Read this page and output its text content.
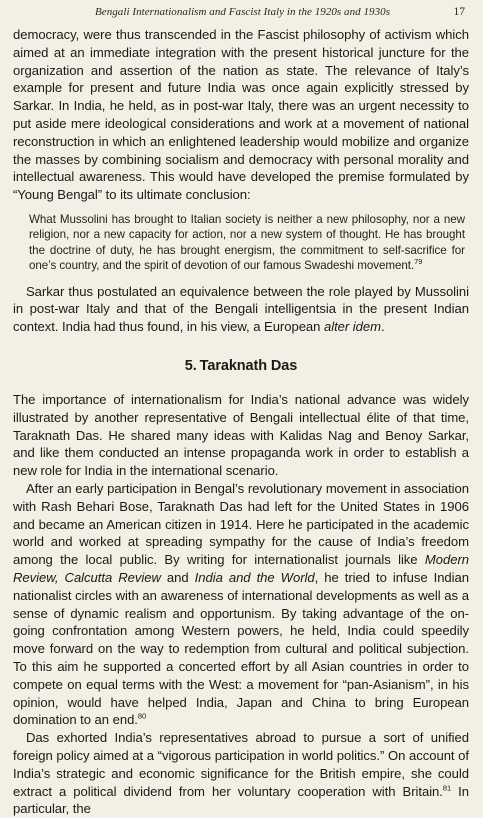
Bengali Internationalism and Fascist Italy in the 1920s and 1930s	17

democracy, were thus transcended in the Fascist philosophy of activism which aimed at an immediate integration with the present historical juncture for the organization and assertion of the nation as state. The relevance of Italy’s example for present and future India was once again explicitly stressed by Sarkar. In India, he held, as in post-war Italy, there was an urgent necessity to put aside mere ideological considerations and work at a movement of national reconstruction in which an enlightened leadership would mobilize and organize the masses by combining socialism and democracy with personal morality and intellectual awareness. This would have developed the premise formulated by “Young Bengal” to its ultimate conclusion:

What Mussolini has brought to Italian society is neither a new philosophy, nor a new religion, nor a new capacity for action, nor a new system of thought. He has brought the doctrine of duty, he has brought energism, the commitment to self-sacrifice for one’s country, and the spirit of devotion of our famous Swadeshi movement.$^{79}$

Sarkar thus postulated an equivalence between the role played by Mussolini in post-war Italy and that of the Bengali intelligentsia in the present Indian context. India had thus found, in his view, a European alter idem.

5. Taraknath Das

The importance of internationalism for India’s national advance was widely illustrated by another representative of Bengali intellectual élite of that time, Taraknath Das. He shared many ideas with Kalidas Nag and Benoy Sarkar, and like them conducted an intense propaganda work in order to establish a new role for India in the international scenario.

After an early participation in Bengal’s revolutionary movement in association with Rash Behari Bose, Taraknath Das had left for the United States in 1906 and became an American citizen in 1914. Here he participated in the academic world and worked at spreading sympathy for the cause of India’s freedom among the local public. By writing for internationalist journals like Modern Review, Calcutta Review and India and the World, he tried to infuse Indian nationalist circles with an awareness of international developments as well as a sense of dynamic realism and opportunism. By taking advantage of the on-going confrontation among Western powers, he held, India could speedily move forward on the way to redemption from cultural and political subjection. To this aim he supported a concerted effort by all Asian countries in order to compete on equal terms with the West: a movement for “pan-Asianism”, in his opinion, would have helped India, Japan and China to bring European domination to an end.$^{80}$

Das exhorted India’s representatives abroad to pursue a sort of unified foreign policy aimed at a “vigorous participation in world politics.” On account of India’s strategic and economic significance for the British empire, she could extract a political dividend from her voluntary cooperation with Britain.$^{81}$ In particular, the
